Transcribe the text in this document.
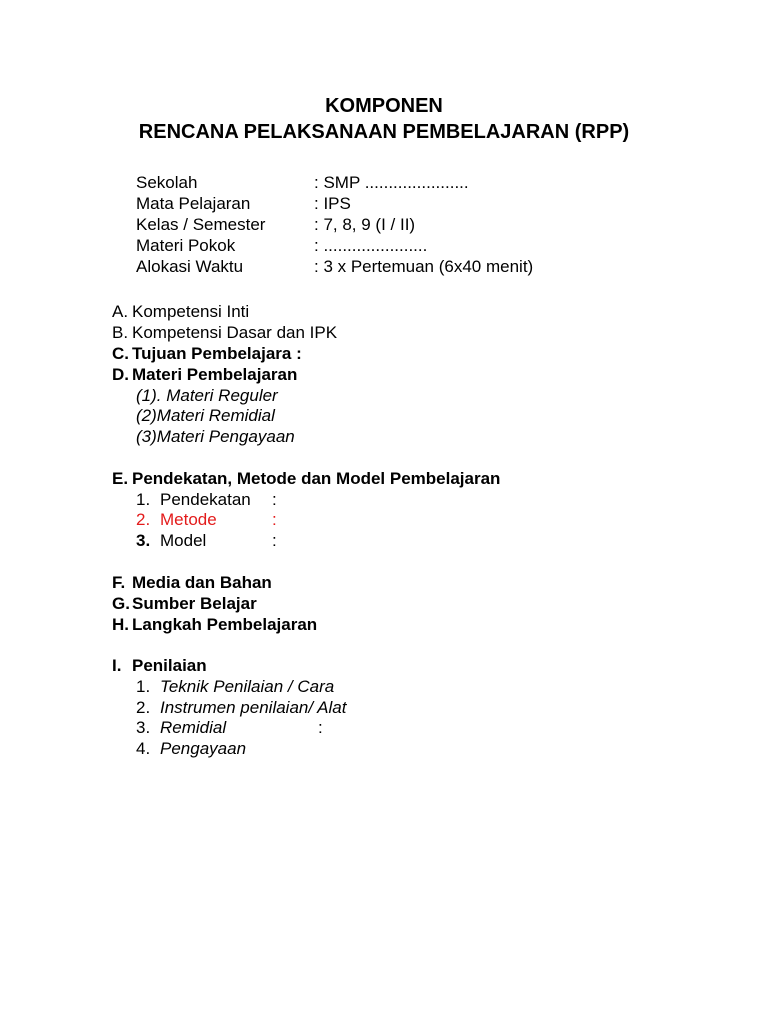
KOMPONEN
RENCANA PELAKSANAAN PEMBELAJARAN (RPP)
Sekolah	: SMP ......................
Mata Pelajaran	: IPS
Kelas / Semester	: 7, 8, 9 (I / II)
Materi Pokok	: ......................
Alokasi Waktu	: 3 x Pertemuan (6x40 menit)
A. Kompetensi Inti
B. Kompetensi Dasar dan IPK
C. Tujuan Pembelajara :
D. Materi Pembelajaran
(1). Materi Reguler
(2)Materi Remidial
(3)Materi Pengayaan
E. Pendekatan, Metode dan Model Pembelajaran
1. Pendekatan :
2. Metode	:
3. Model	:
F. Media dan Bahan
G. Sumber Belajar
H. Langkah Pembelajaran
I. Penilaian
1. Teknik Penilaian / Cara
2. Instrumen penilaian/ Alat
3. Remidial	:
4. Pengayaan
